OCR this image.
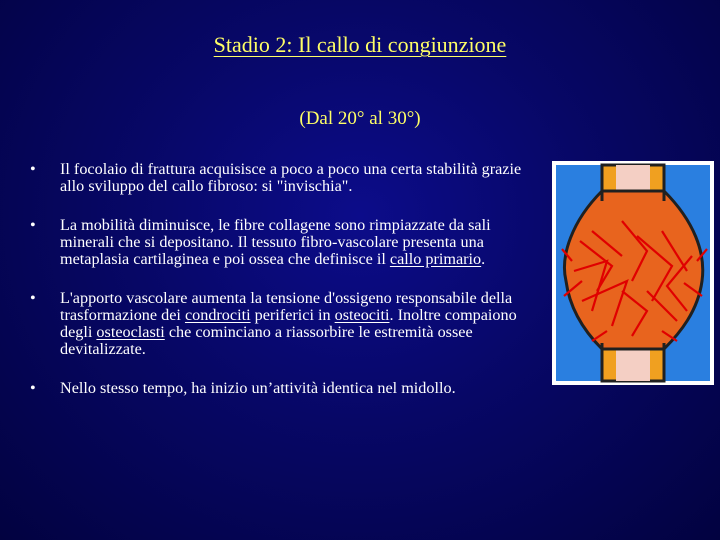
Stadio 2: Il callo di congiunzione
(Dal 20° al 30°)
• Il focolaio di frattura acquisisce a poco a poco una certa stabilità grazie allo sviluppo del callo fibroso: si "invischia".
• La mobilità diminuisce, le fibre collagene sono rimpiazzate da sali minerali che si depositano. Il tessuto fibro-vascolare presenta una metaplasia cartilaginea e poi ossea che definisce il callo primario.
• L'apporto vascolare aumenta la tensione d'ossigeno responsabile della trasformazione dei condrociti periferici in osteociti. Inoltre compaiono degli osteoclasti che cominciano a riassorbire le estremità ossee devitalizzate.
• Nello stesso tempo, ha inizio un’attività identica nel midollo.
